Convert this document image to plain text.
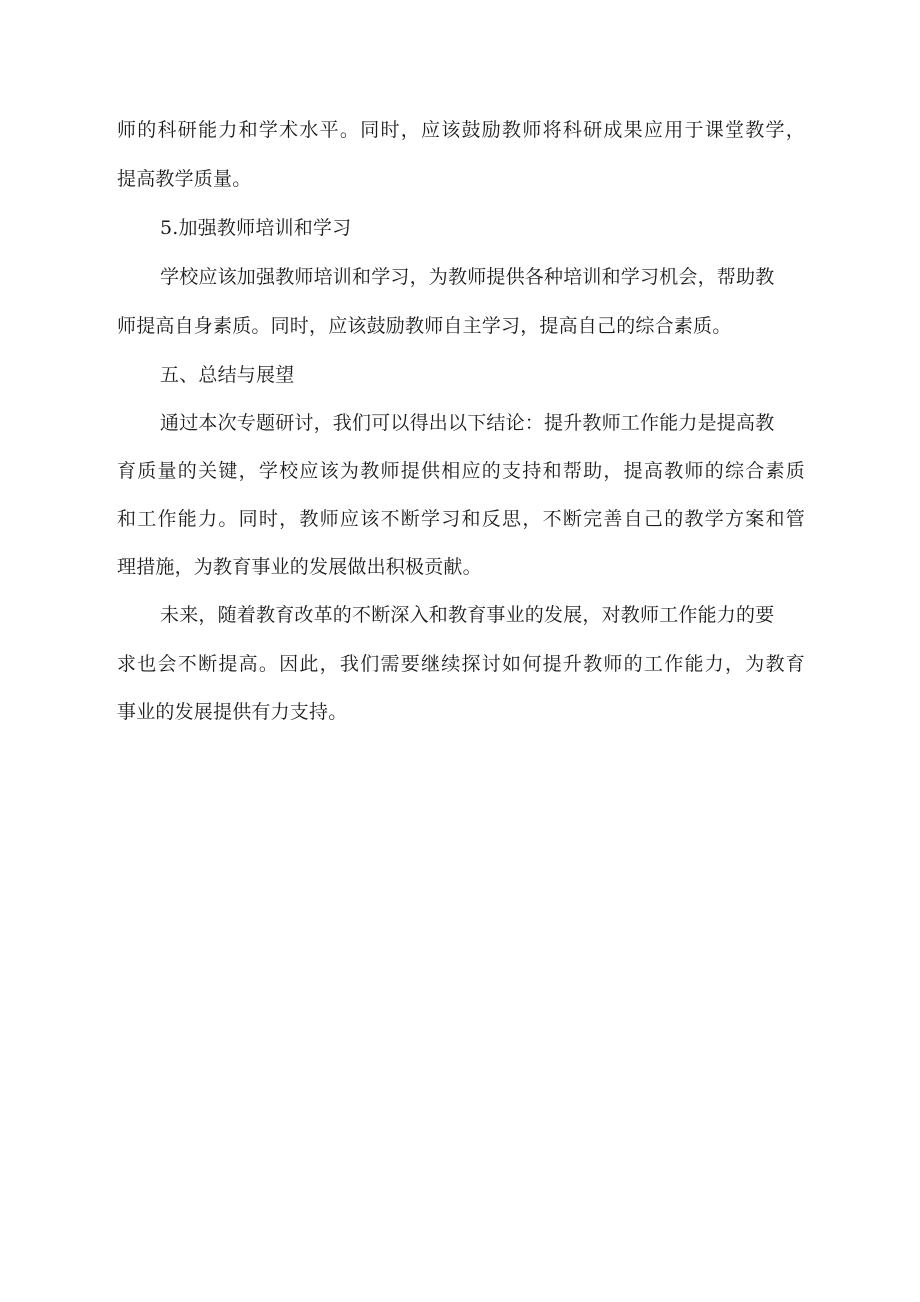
师的科研能力和学术水平。同时，应该鼓励教师将科研成果应用于课堂教学，
提高教学质量。
5.加强教师培训和学习
学校应该加强教师培训和学习，为教师提供各种培训和学习机会，帮助教
师提高自身素质。同时，应该鼓励教师自主学习，提高自己的综合素质。
五、总结与展望
通过本次专题研讨，我们可以得出以下结论：提升教师工作能力是提高教
育质量的关键，学校应该为教师提供相应的支持和帮助，提高教师的综合素质
和工作能力。同时，教师应该不断学习和反思，不断完善自己的教学方案和管
理措施，为教育事业的发展做出积极贡献。
未来，随着教育改革的不断深入和教育事业的发展，对教师工作能力的要
求也会不断提高。因此，我们需要继续探讨如何提升教师的工作能力，为教育
事业的发展提供有力支持。
